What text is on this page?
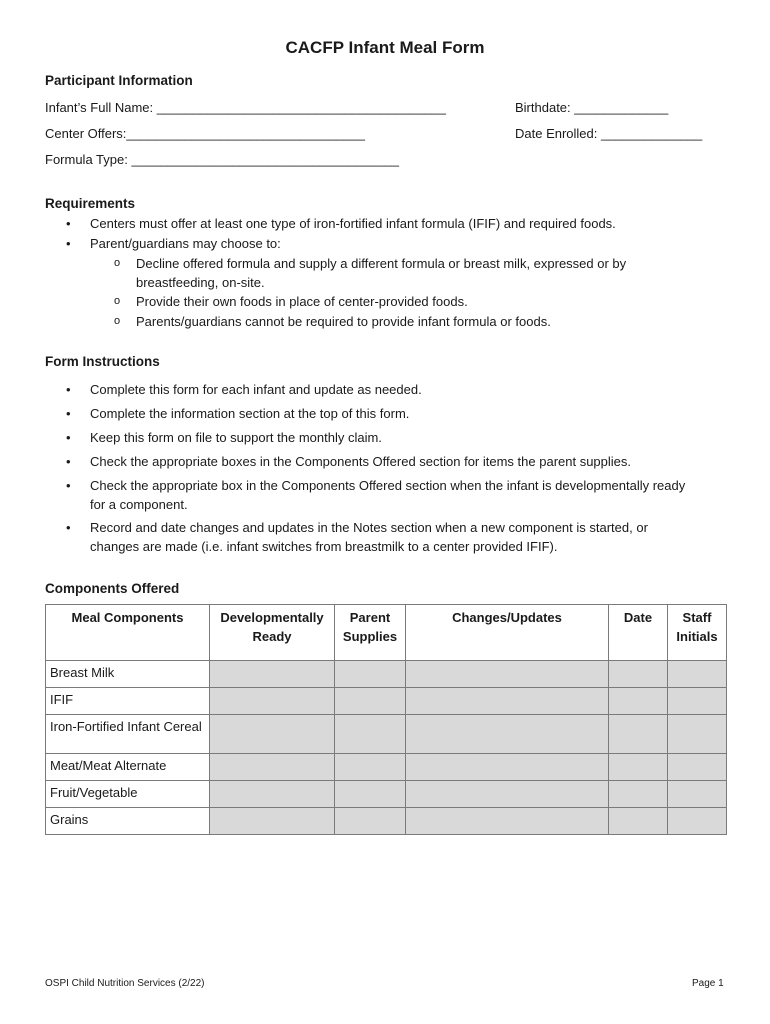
CACFP Infant Meal Form
Participant Information
Infant’s Full Name: ________________________________________	Birthdate: _____________
Center Offers:_________________________________	Date Enrolled: ______________
Formula Type: _____________________________________
Requirements
• Centers must offer at least one type of iron-fortified infant formula (IFIF) and required foods.
• Parent/guardians may choose to:
o Decline offered formula and supply a different formula or breast milk, expressed or by breastfeeding, on-site.
o Provide their own foods in place of center-provided foods.
o Parents/guardians cannot be required to provide infant formula or foods.
Form Instructions
• Complete this form for each infant and update as needed.
• Complete the information section at the top of this form.
• Keep this form on file to support the monthly claim.
• Check the appropriate boxes in the Components Offered section for items the parent supplies.
• Check the appropriate box in the Components Offered section when the infant is developmentally ready for a component.
• Record and date changes and updates in the Notes section when a new component is started, or changes are made (i.e. infant switches from breastmilk to a center provided IFIF).
Components Offered
Meal Components	Developmentally Ready	Parent Supplies	Changes/Updates	Date	Staff Initials
Breast Milk					
IFIF					
Iron-Fortified Infant Cereal					
Meat/Meat Alternate					
Fruit/Vegetable					
Grains					
OSPI Child Nutrition Services (2/22)	Page 1
